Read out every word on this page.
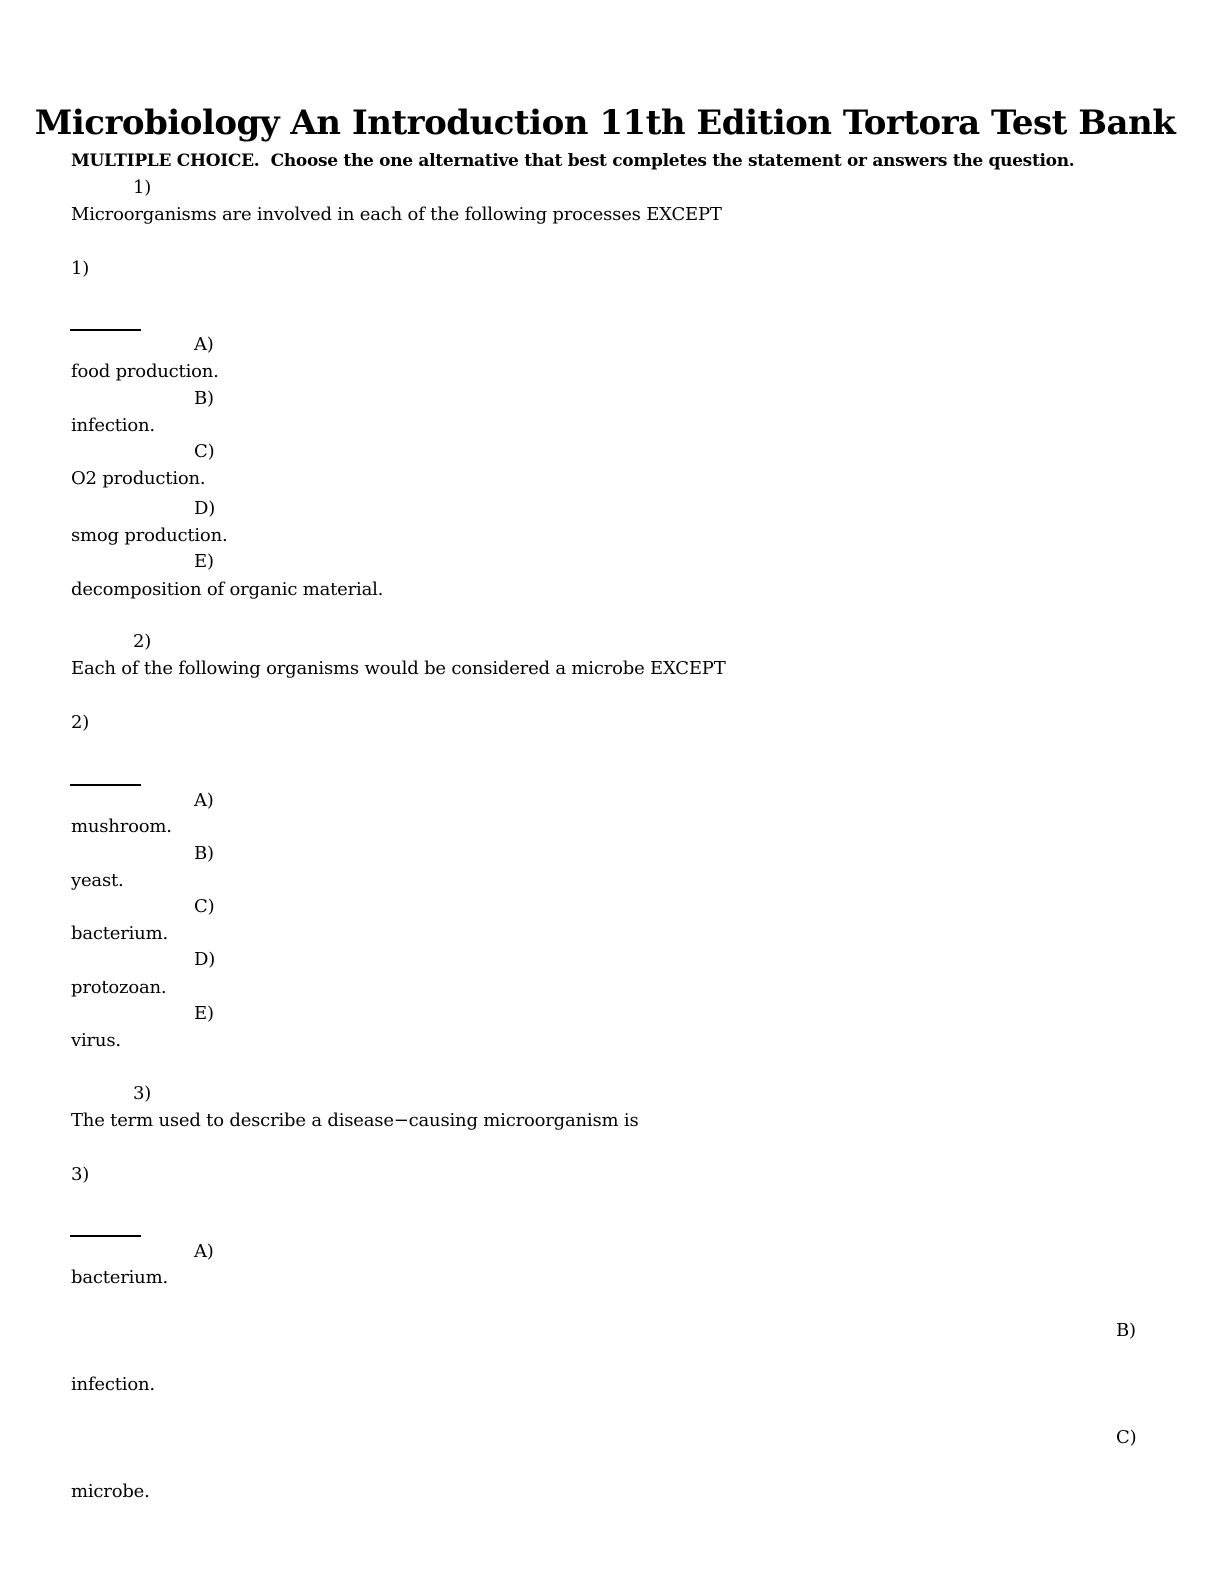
Microbiology An Introduction 11th Edition Tortora Test Bank
MULTIPLE CHOICE. Choose the one alternative that best completes the statement or answers the question.
1)
Microorganisms are involved in each of the following processes EXCEPT
1)
A)
food production.
B)
infection.
C)
O2 production.
D)
smog production.
E)
decomposition of organic material.
2)
Each of the following organisms would be considered a microbe EXCEPT
2)
A)
mushroom.
B)
yeast.
C)
bacterium.
D)
protozoan.
E)
virus.
3)
The term used to describe a disease−causing microorganism is
3)
A)
bacterium.
B)
infection.
C)
microbe.
